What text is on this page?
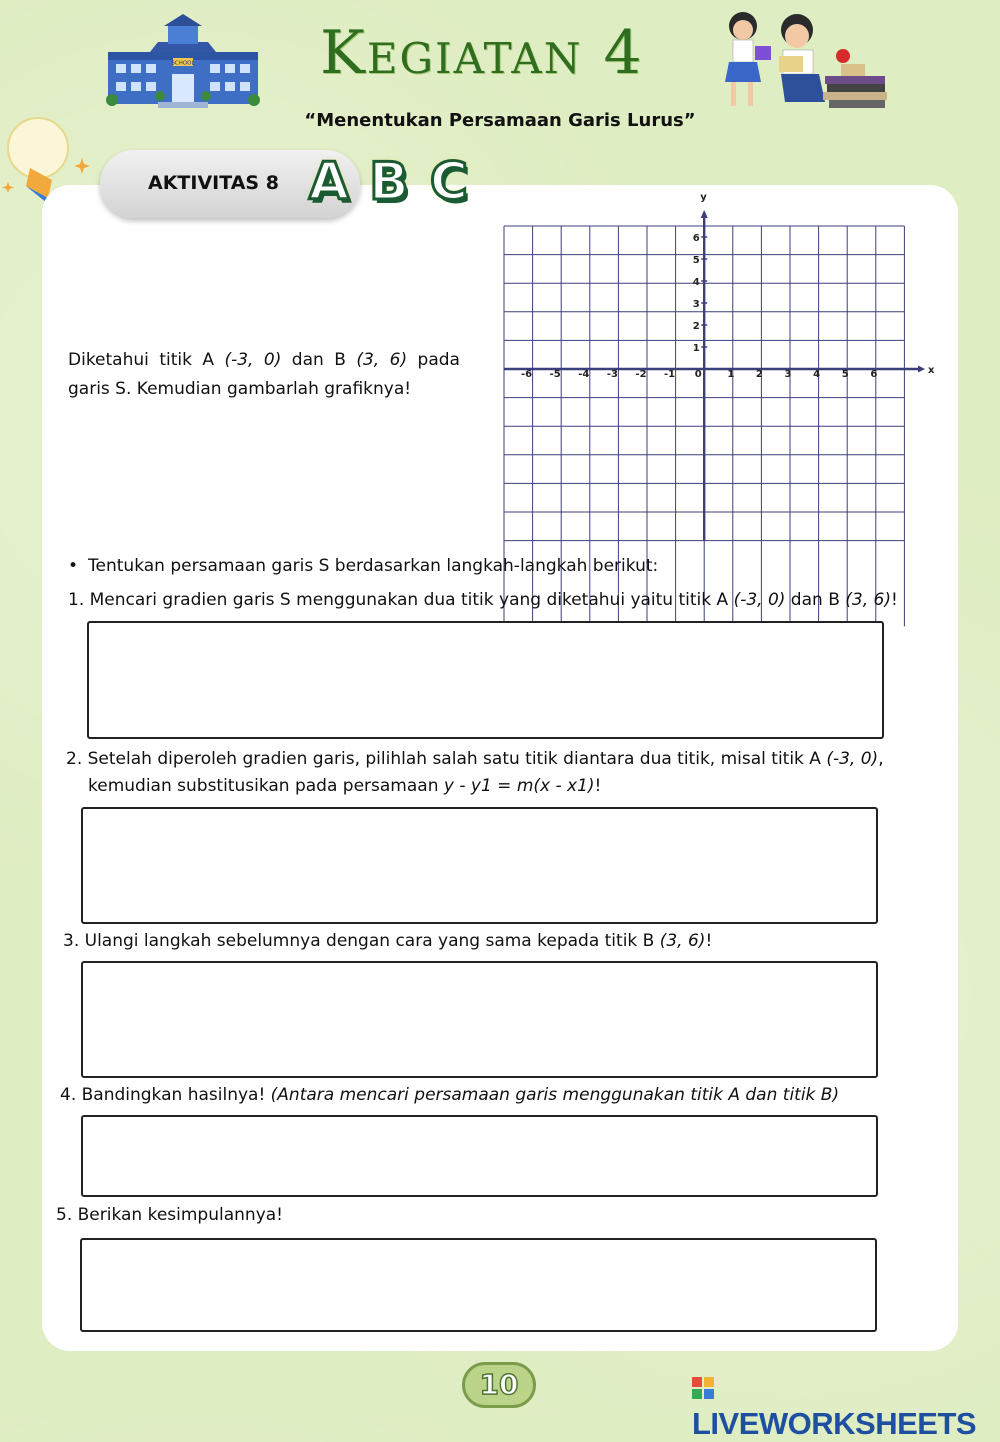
SCHOOL Kegiatan 4
“Menentukan Persamaan Garis Lurus”
AKTIVITAS 8 A B C
Diketahui titik A (-3, 0) dan B (3, 6) pada garis S. Kemudian gambarlah grafiknya!
x
y
-6 -5 -4 -3 -2 -1 0	1 2 3 4 5 6
1
2
3
4
5
6
• Tentukan persamaan garis S berdasarkan langkah-langkah berikut:
1. Mencari gradien garis S menggunakan dua titik yang diketahui yaitu titik A (-3, 0) dan B (3, 6)!
2. Setelah diperoleh gradien garis, pilihlah salah satu titik diantara dua titik, misal titik A (-3, 0),
kemudian substitusikan pada persamaan y - y1 = m(x - x1)!
3. Ulangi langkah sebelumnya dengan cara yang sama kepada titik B (3, 6)!
4. Bandingkan hasilnya! (Antara mencari persamaan garis menggunakan titik A dan titik B)
5. Berikan kesimpulannya!
10
LIVEWORKSHEETS
